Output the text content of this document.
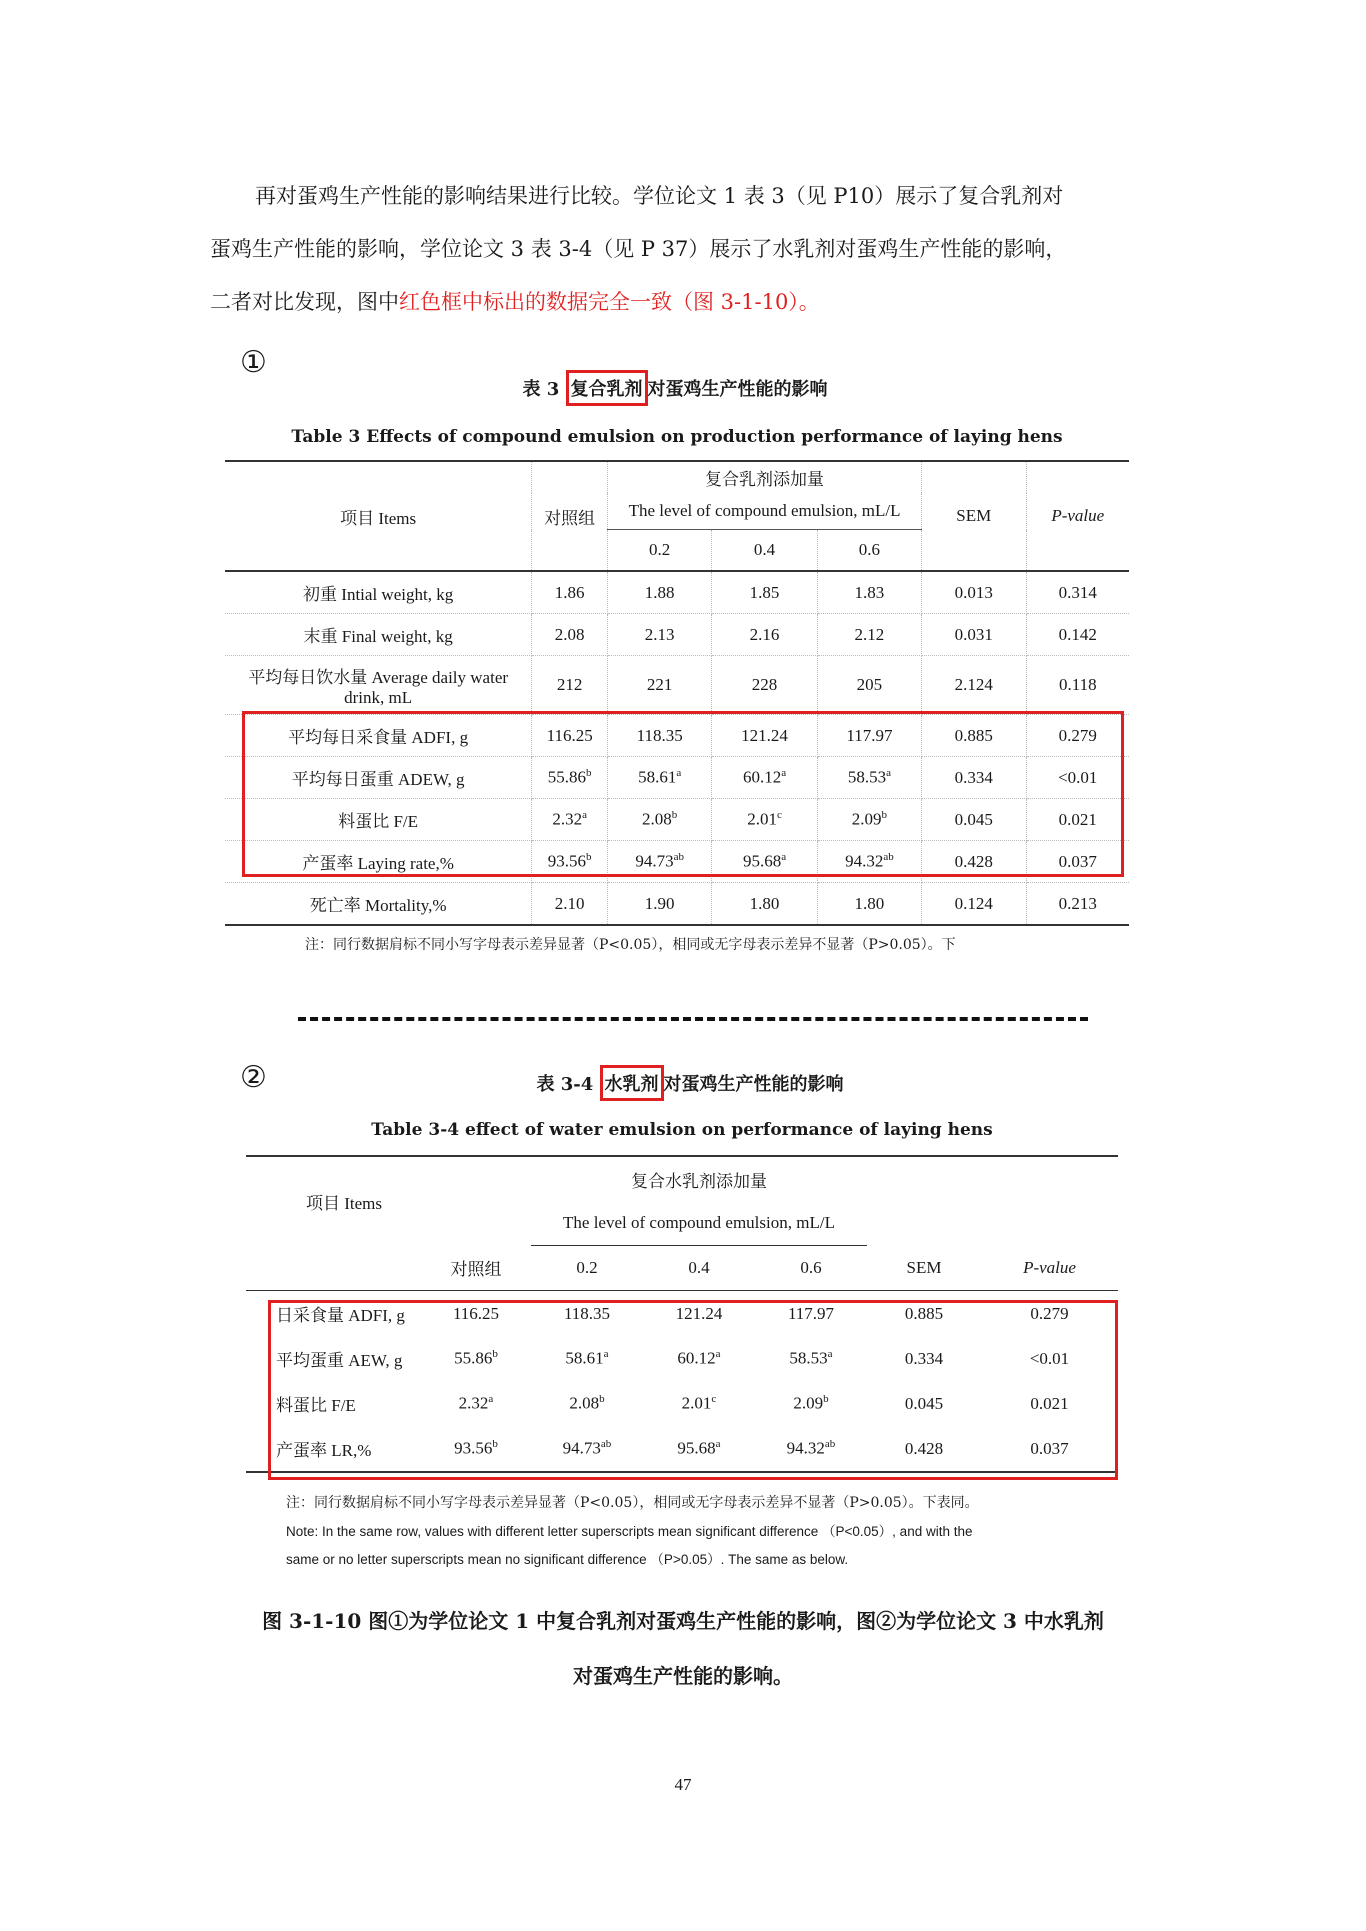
再对蛋鸡生产性能的影响结果进行比较。学位论文 1 表 3（见 P10）展示了复合乳剂对
蛋鸡生产性能的影响，学位论文 3 表 3-4（见 P 37）展示了水乳剂对蛋鸡生产性能的影响，
二者对比发现，图中红色框中标出的数据完全一致（图 3-1-10）。
①
表 3 复合乳剂 对蛋鸡生产性能的影响
Table 3 Effects of compound emulsion on production performance of laying hens
项目 Items	对照组	复合乳剂添加量			SEM	P-value
		The level of compound emulsion, mL/L				
		0.2	0.4	0.6		
初重 Intial weight, kg	1.86	1.88	1.85	1.83	0.013	0.314
末重 Final weight, kg	2.08	2.13	2.16	2.12	0.031	0.142
平均每日饮水量 Average daily water drink, mL	212	221	228	205	2.124	0.118
平均每日采食量 ADFI, g	116.25	118.35	121.24	117.97	0.885	0.279
平均每日蛋重 ADEW, g	55.86$^b$	58.61$^a$	60.12$^a$	58.53$^a$	0.334	<0.01
料蛋比 F/E	2.32$^a$	2.08$^b$	2.01$^c$	2.09$^b$	0.045	0.021
产蛋率 Laying rate,%	93.56$^b$	94.73$^{ab}$	95.68$^a$	94.32$^{ab}$	0.428	0.037
死亡率 Mortality,%	2.10	1.90	1.80	1.80	0.124	0.213
注：同行数据肩标不同小写字母表示差异显著（P<0.05），相同或无字母表示差异不显著（P>0.05）。下
②	表 3-4 水乳剂 对蛋鸡生产性能的影响
Table 3-4 effect of water emulsion on performance of laying hens

项目 Items		复合水乳剂添加量				
		The level of compound emulsion, mL/L				
	对照组	0.2	0.4	0.6	SEM	P-value

日采食量 ADFI, g	116.25	118.35	121.24	117.97	0.885	0.279
平均蛋重 AEW, g	55.86$^b$	58.61$^a$	60.12$^a$	58.53$^a$	0.334	<0.01
料蛋比 F/E	2.32$^a$	2.08$^b$	2.01$^c$	2.09$^b$	0.045	0.021
产蛋率 LR,%	93.56$^b$	94.73$^{ab}$	95.68$^a$	94.32$^{ab}$	0.428	0.037

注：同行数据肩标不同小写字母表示差异显著（P<0.05），相同或无字母表示差异不显著（P>0.05）。下表同。
Note: In the same row, values with different letter superscripts mean significant difference （P<0.05）, and with the
same or no letter superscripts mean no significant difference （P>0.05）. The same as below.
图 3-1-10 图①为学位论文 1 中复合乳剂对蛋鸡生产性能的影响，图②为学位论文 3 中水乳剂
对蛋鸡生产性能的影响。
47
